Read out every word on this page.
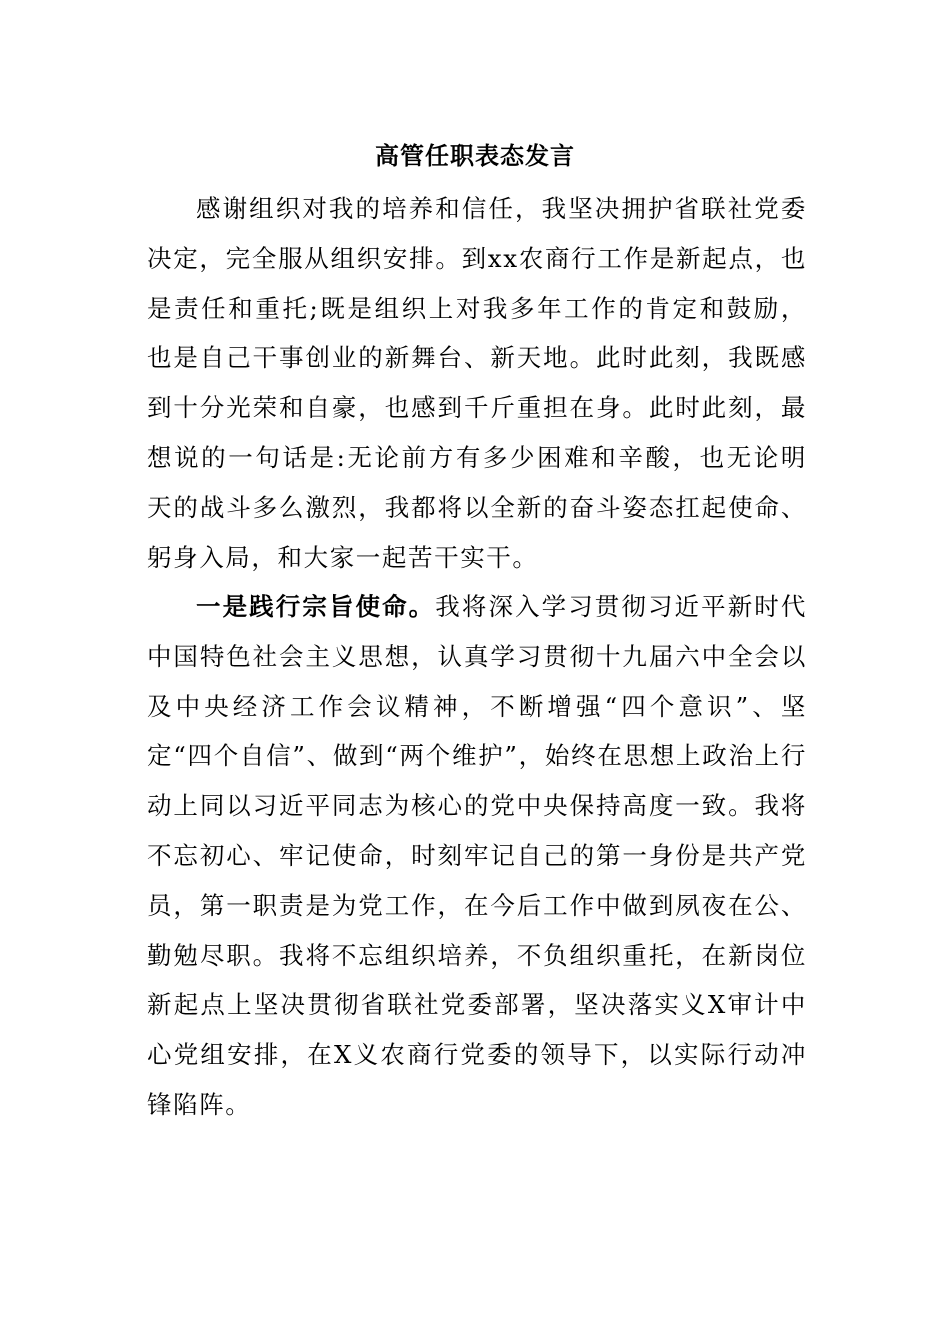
高管任职表态发言

感谢组织对我的培养和信任，我坚决拥护省联社党委决定，完全服从组织安排。到xx农商行工作是新起点，也是责任和重托;既是组织上对我多年工作的肯定和鼓励，也是自己干事创业的新舞台、新天地。此时此刻，我既感到十分光荣和自豪，也感到千斤重担在身。此时此刻，最想说的一句话是:无论前方有多少困难和辛酸，也无论明天的战斗多么激烈，我都将以全新的奋斗姿态扛起使命、躬身入局，和大家一起苦干实干。

一是践行宗旨使命。我将深入学习贯彻习近平新时代中国特色社会主义思想，认真学习贯彻十九届六中全会以及中央经济工作会议精神，不断增强“四个意识”、坚定“四个自信”、做到“两个维护”，始终在思想上政治上行动上同以习近平同志为核心的党中央保持高度一致。我将不忘初心、牢记使命，时刻牢记自己的第一身份是共产党员，第一职责是为党工作，在今后工作中做到夙夜在公、勤勉尽职。我将不忘组织培养，不负组织重托，在新岗位新起点上坚决贯彻省联社党委部署，坚决落实义X审计中心党组安排，在X义农商行党委的领导下，以实际行动冲锋陷阵。
